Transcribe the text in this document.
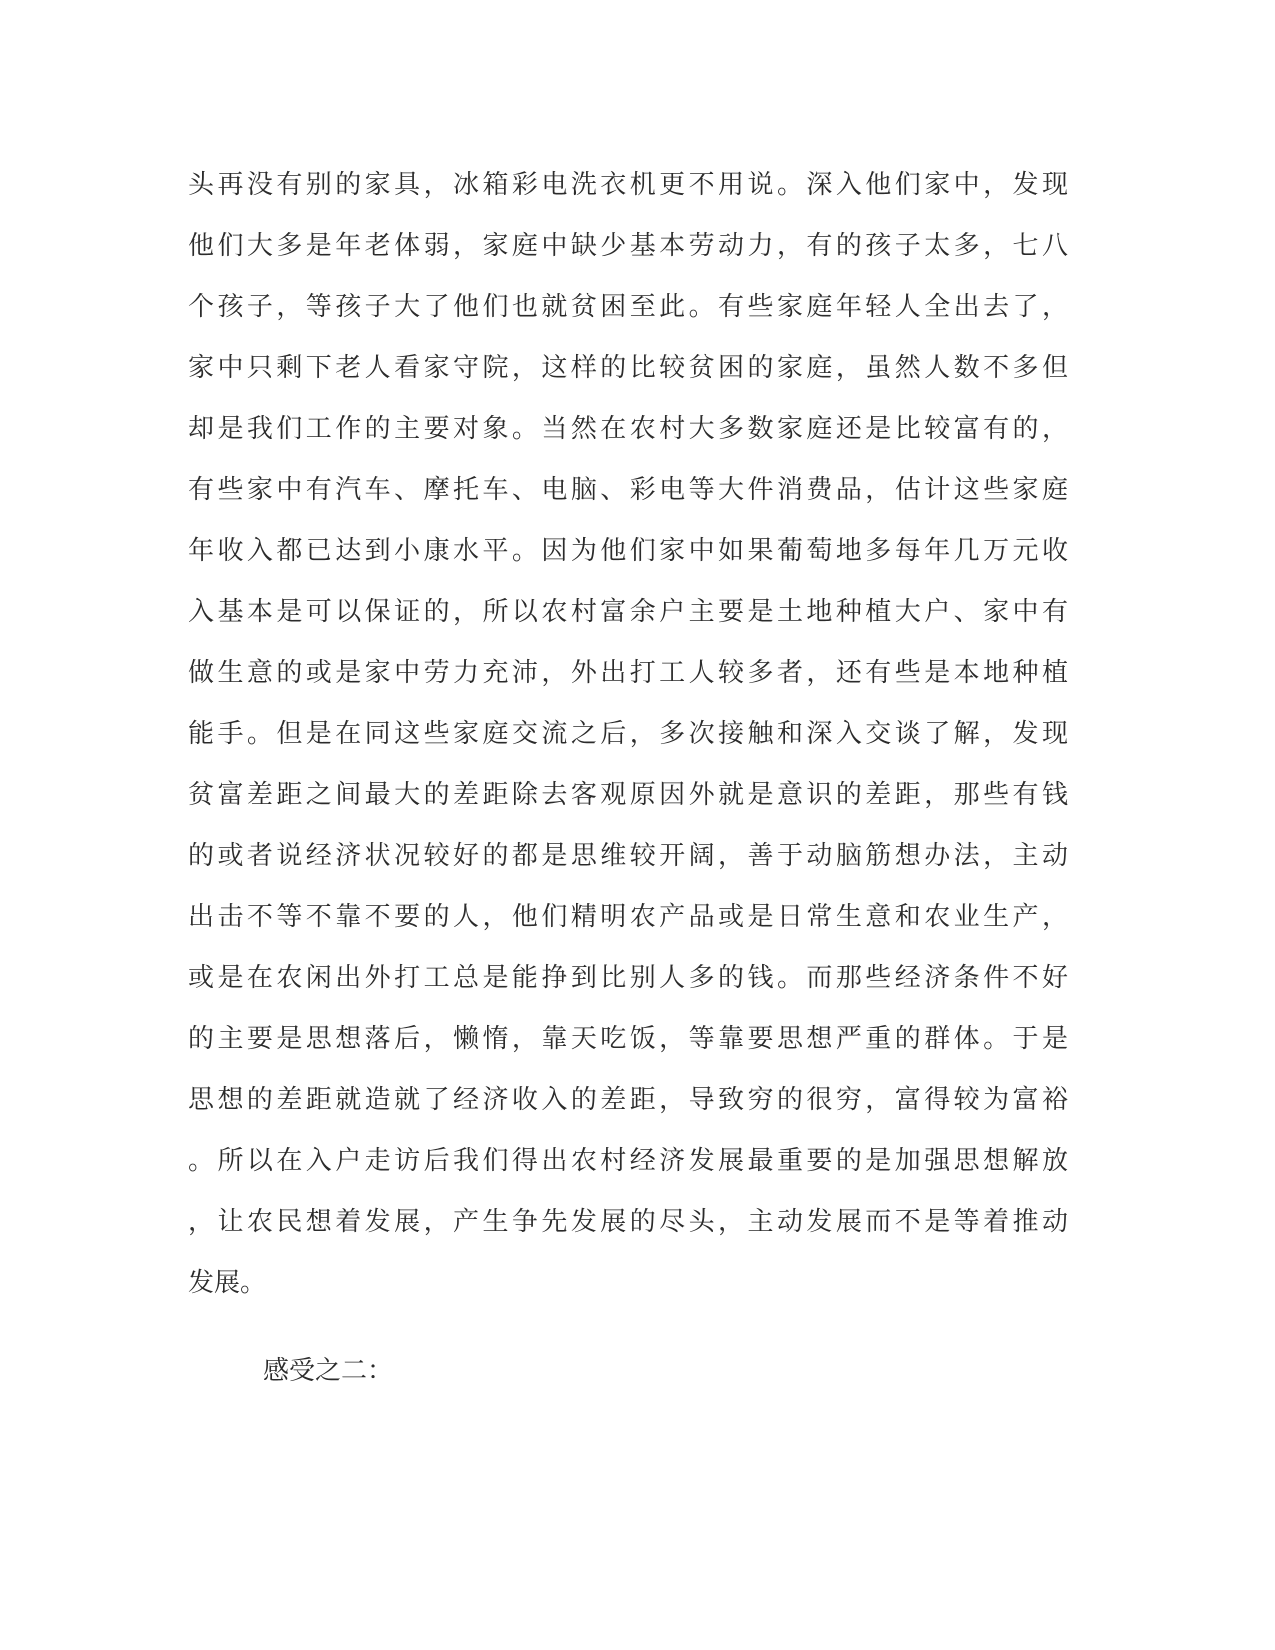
头再没有别的家具，冰箱彩电洗衣机更不用说。深入他们家中，发现
他们大多是年老体弱，家庭中缺少基本劳动力，有的孩子太多，七八
个孩子，等孩子大了他们也就贫困至此。有些家庭年轻人全出去了，
家中只剩下老人看家守院，这样的比较贫困的家庭，虽然人数不多但
却是我们工作的主要对象。当然在农村大多数家庭还是比较富有的，
有些家中有汽车、摩托车、电脑、彩电等大件消费品，估计这些家庭
年收入都已达到小康水平。因为他们家中如果葡萄地多每年几万元收
入基本是可以保证的，所以农村富余户主要是土地种植大户、家中有
做生意的或是家中劳力充沛，外出打工人较多者，还有些是本地种植
能手。但是在同这些家庭交流之后，多次接触和深入交谈了解，发现
贫富差距之间最大的差距除去客观原因外就是意识的差距，那些有钱
的或者说经济状况较好的都是思维较开阔，善于动脑筋想办法，主动
出击不等不靠不要的人，他们精明农产品或是日常生意和农业生产，
或是在农闲出外打工总是能挣到比别人多的钱。而那些经济条件不好
的主要是思想落后，懒惰，靠天吃饭，等靠要思想严重的群体。于是
思想的差距就造就了经济收入的差距，导致穷的很穷，富得较为富裕
。所以在入户走访后我们得出农村经济发展最重要的是加强思想解放
，让农民想着发展，产生争先发展的尽头，主动发展而不是等着推动
发展。

感受之二：
